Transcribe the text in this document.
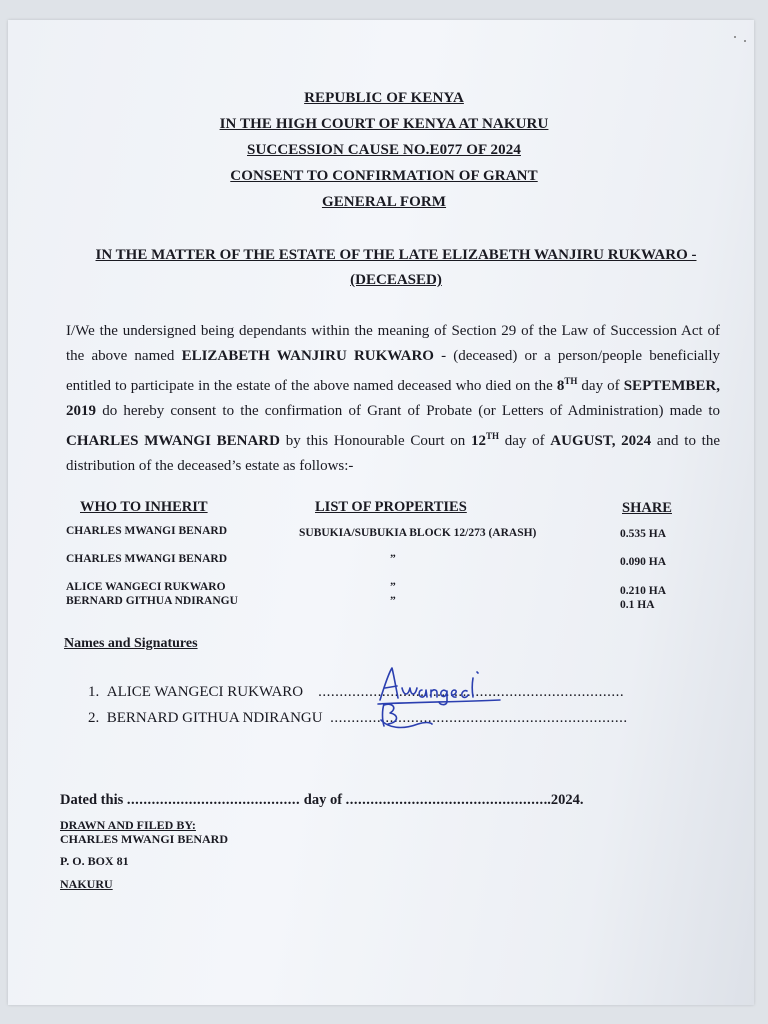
REPUBLIC OF KENYA
IN THE HIGH COURT OF KENYA AT NAKURU
SUCCESSION CAUSE NO.E077 OF 2024
CONSENT TO CONFIRMATION OF GRANT
GENERAL FORM
IN THE MATTER OF THE ESTATE OF THE LATE ELIZABETH WANJIRU RUKWARO -
(DECEASED)
I/We the undersigned being dependants within the meaning of Section 29 of the Law of Succession Act of the above named ELIZABETH WANJIRU RUKWARO - (deceased) or a person/people beneficially entitled to participate in the estate of the above named deceased who died on the 8TH day of SEPTEMBER, 2019 do hereby consent to the confirmation of Grant of Probate (or Letters of Administration) made to CHARLES MWANGI BENARD by this Honourable Court on 12TH day of AUGUST, 2024 and to the distribution of the deceased’s estate as follows:-
WHO TO INHERIT	LIST OF PROPERTIES	SHARE
CHARLES MWANGI BENARD	SUBUKIA/SUBUKIA BLOCK 12/273 (ARASH)	0.535 HA
CHARLES MWANGI BENARD	”	0.090 HA
ALICE WANGECI RUKWARO	”	0.210 HA
BERNARD GITHUA NDIRANGU	”	0.1 HA
Names and Signatures
1. ALICE WANGECI RUKWARO ........................................................................
2. BERNARD GITHUA NDIRANGU ......................................................................
Dated this .......................................... day of ..................................................2024.
DRAWN AND FILED BY:
CHARLES MWANGI BENARD
P. O. BOX 81
NAKURU
